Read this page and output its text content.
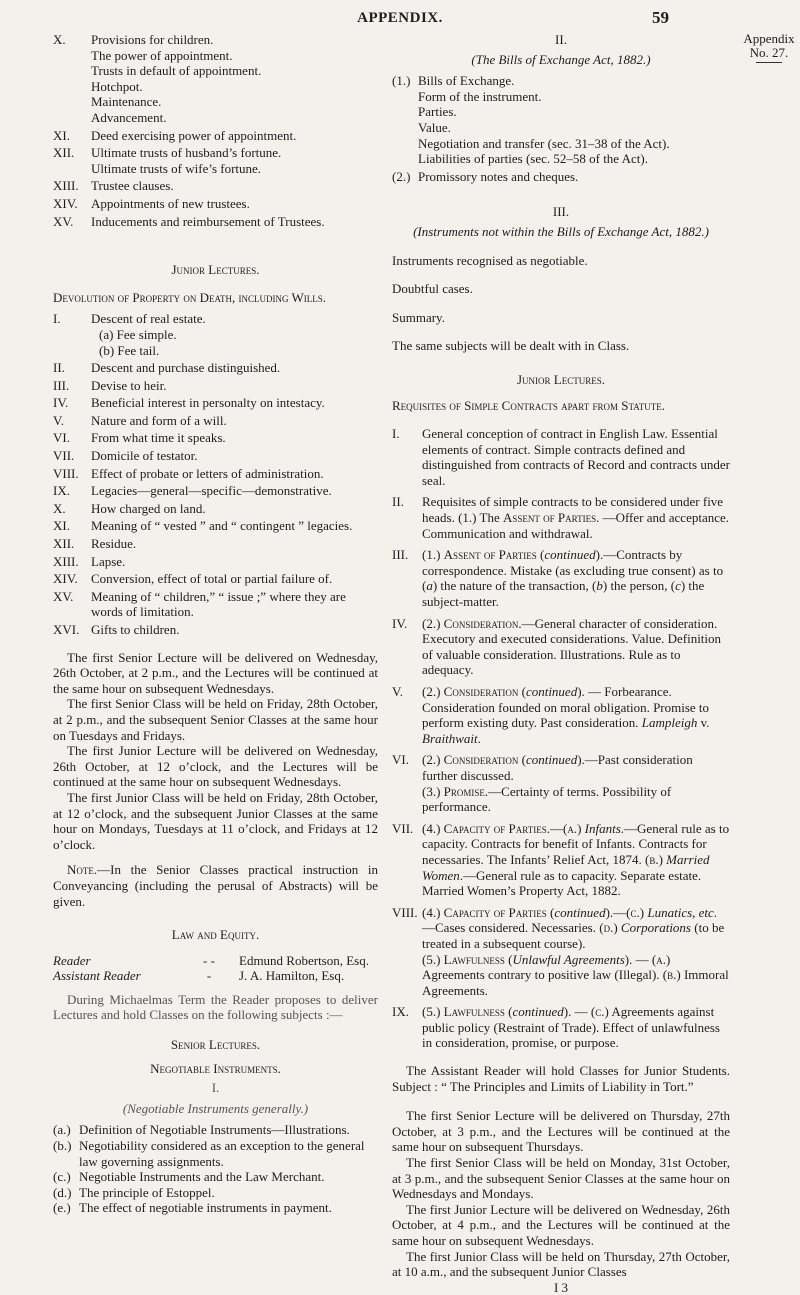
APPENDIX.	59
Appendix
No. 27.
X.	Provisions for children.

The power of appointment.

Trusts in default of appointment.

Hotchpot.

Maintenance.

Advancement.

XI.	Deed exercising power of appointment.
XII.	Ultimate trusts of husband’s fortune.

Ultimate trusts of wife’s fortune.

XIII. Trustee clauses.
XIV.	Appointments of new trustees.
XV.	Inducements and reimbursement of Trustees.

Junior Lectures.

Devolution of Property on Death, including Wills.

I.	Descent of real estate.

(a) Fee simple.

(b) Fee tail.

II.	Descent and purchase distinguished.
III.	Devise to heir.
IV.	Beneficial interest in personalty on intestacy.
V.	Nature and form of a will.
VI.	From what time it speaks.
VII.	Domicile of testator.
VIII. Effect of probate or letters of administration.
IX.	Legacies—general—specific—demonstrative.
X.	How charged on land.
XI.	Meaning of “ vested ” and “ contingent ” legacies.
XII.	Residue.
XIII. Lapse.
XIV.	Conversion, effect of total or partial failure of.
XV.	Meaning of “ children,” “ issue ;” where they are words of limitation.
XVI. Gifts to children.

The first Senior Lecture will be delivered on Wednesday, 26th October, at 2 p.m., and the Lectures will be continued at the same hour on subsequent Wednesdays.

The first Senior Class will be held on Friday, 28th October, at 2 p.m., and the subsequent Senior Classes at the same hour on Tuesdays and Fridays.

The first Junior Lecture will be delivered on Wednesday, 26th October, at 12 o’clock, and the Lectures will be continued at the same hour on subsequent Wednesdays.

The first Junior Class will be held on Friday, 28th October, at 12 o’clock, and the subsequent Junior Classes at the same hour on Mondays, Tuesdays at 11 o’clock, and Fridays at 12 o’clock.

Note.—In the Senior Classes practical instruction in Conveyancing (including the perusal of Abstracts) will be given.

Law and Equity.

Reader	- -	Edmund Robertson, Esq.
Assistant Reader	-	J. A. Hamilton, Esq.

During Michaelmas Term the Reader proposes to deliver Lectures and hold Classes on the following subjects :—

Senior Lectures.

Negotiable Instruments.

I.

(Negotiable Instruments generally.)

(a.) Definition of Negotiable Instruments—Illustrations.
(b.) Negotiability considered as an exception to the general law governing assignments.
(c.) Negotiable Instruments and the Law Merchant.
(d.) The principle of Estoppel.
(e.) The effect of negotiable instruments in payment.

II.

(The Bills of Exchange Act, 1882.)

(1.) Bills of Exchange.

Form of the instrument.

Parties.

Value.

Negotiation and transfer (sec. 31–38 of the Act).

Liabilities of parties (sec. 52–58 of the Act).

(2.) Promissory notes and cheques.

III.

(Instruments not within the Bills of Exchange Act, 1882.)

Instruments recognised as negotiable.

Doubtful cases.

Summary.

The same subjects will be dealt with in Class.

Junior Lectures.

Requisites of Simple Contracts apart from Statute.

I.	General conception of contract in English Law. Essential elements of contract. Simple contracts defined and distinguished from contracts of Record and contracts under seal.
II.	Requisites of simple contracts to be considered under five heads. (1.) The Assent of Parties. —Offer and acceptance. Communication and withdrawal.
III.	(1.) Assent of Parties (continued).—Contracts by correspondence. Mistake (as excluding true consent) as to (a) the nature of the transaction, (b) the person, (c) the subject-matter.
IV.	(2.) Consideration.—General character of consideration. Executory and executed considerations. Value. Definition of valuable consideration. Illustrations. Rule as to adequacy.
V.	(2.) Consideration (continued). — Forbearance. Consideration founded on moral obligation. Promise to perform existing duty. Past consideration. Lampleigh v. Braithwait.
VI.	(2.) Consideration (continued).—Past consideration further discussed.
(3.) Promise.—Certainty of terms. Possibility of performance.
VII. (4.) Capacity of Parties.—(a.) Infants.—General rule as to capacity. Contracts for benefit of Infants. Contracts for necessaries. The Infants’ Relief Act, 1874. (b.) Married Women.—General rule as to capacity. Separate estate. Married Women’s Property Act, 1882.
VIII. (4.) Capacity of Parties (continued).—(c.) Lunatics, etc.—Cases considered. Necessaries. (d.) Corporations (to be treated in a subsequent course).
(5.) Lawfulness (Unlawful Agreements). — (a.) Agreements contrary to positive law (Illegal). (b.) Immoral Agreements.
IX.	(5.) Lawfulness (continued). — (c.) Agreements against public policy (Restraint of Trade). Effect of unlawfulness in consideration, promise, or purpose.

The Assistant Reader will hold Classes for Junior Students. Subject : “ The Principles and Limits of Liability in Tort.”

The first Senior Lecture will be delivered on Thursday, 27th October, at 3 p.m., and the Lectures will be continued at the same hour on subsequent Thursdays.

The first Senior Class will be held on Monday, 31st October, at 3 p.m., and the subsequent Senior Classes at the same hour on Wednesdays and Mondays.

The first Junior Lecture will be delivered on Wednesday, 26th October, at 4 p.m., and the Lectures will be continued at the same hour on subsequent Wednesdays.

The first Junior Class will be held on Thursday, 27th October, at 10 a.m., and the subsequent Junior Classes

I 3
